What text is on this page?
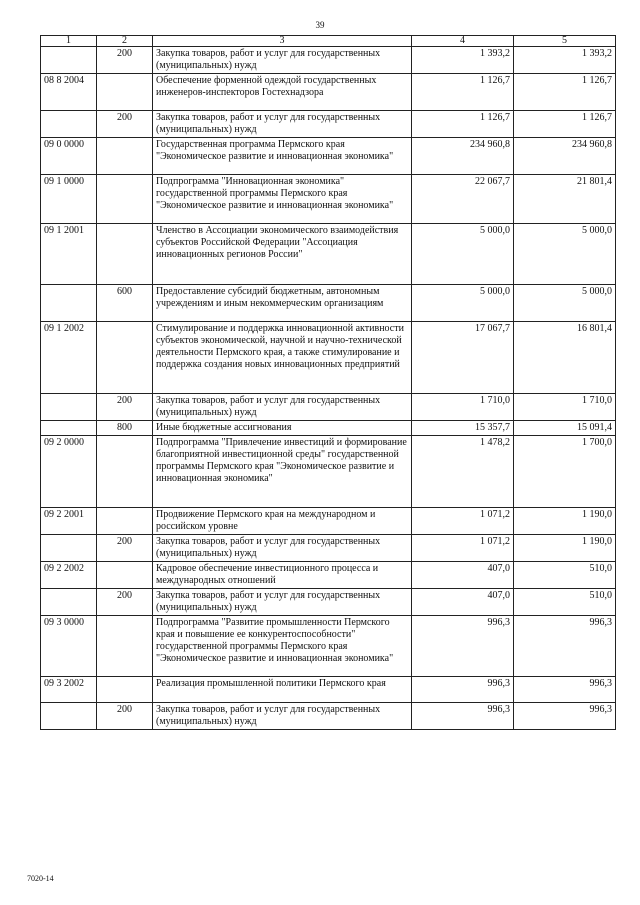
39
1	2	3	4	5
	200	Закупка товаров, работ и услуг для государственных (муниципальных) нужд	1 393,2	1 393,2
08 8 2004		Обеспечение форменной одеждой государственных инженеров-инспекторов Гостехнадзора	1 126,7	1 126,7
	200	Закупка товаров, работ и услуг для государственных (муниципальных) нужд	1 126,7	1 126,7
09 0 0000		Государственная программа Пермского края "Экономическое развитие и инновационная экономика"	234 960,8	234 960,8
09 1 0000		Подпрограмма "Инновационная экономика" государственной программы Пермского края "Экономическое развитие и инновационная экономика"	22 067,7	21 801,4
09 1 2001		Членство в Ассоциации экономического взаимодействия субъектов Российской Федерации "Ассоциация инновационных регионов России"	5 000,0	5 000,0
	600	Предоставление субсидий бюджетным, автономным учреждениям и иным некоммерческим организациям	5 000,0	5 000,0
09 1 2002		Стимулирование и поддержка инновационной активности субъектов экономической, научной и научно-технической деятельности Пермского края, а также стимулирование и поддержка создания новых инновационных предприятий	17 067,7	16 801,4
	200	Закупка товаров, работ и услуг для государственных (муниципальных) нужд	1 710,0	1 710,0
	800	Иные бюджетные ассигнования	15 357,7	15 091,4
09 2 0000		Подпрограмма "Привлечение инвестиций и формирование благоприятной инвестиционной среды" государственной программы Пермского края "Экономическое развитие и инновационная экономика"	1 478,2	1 700,0
09 2 2001		Продвижение Пермского края на международном и российском уровне	1 071,2	1 190,0
	200	Закупка товаров, работ и услуг для государственных (муниципальных) нужд	1 071,2	1 190,0
09 2 2002		Кадровое обеспечение инвестиционного процесса и международных отношений	407,0	510,0
	200	Закупка товаров, работ и услуг для государственных (муниципальных) нужд	407,0	510,0
09 3 0000		Подпрограмма "Развитие промышленности Пермского края и повышение ее конкурентоспособности" государственной программы Пермского края "Экономическое развитие и инновационная экономика"	996,3	996,3
09 3 2002		Реализация промышленной политики Пермского края	996,3	996,3
	200	Закупка товаров, работ и услуг для государственных (муниципальных) нужд	996,3	996,3
7020-14
